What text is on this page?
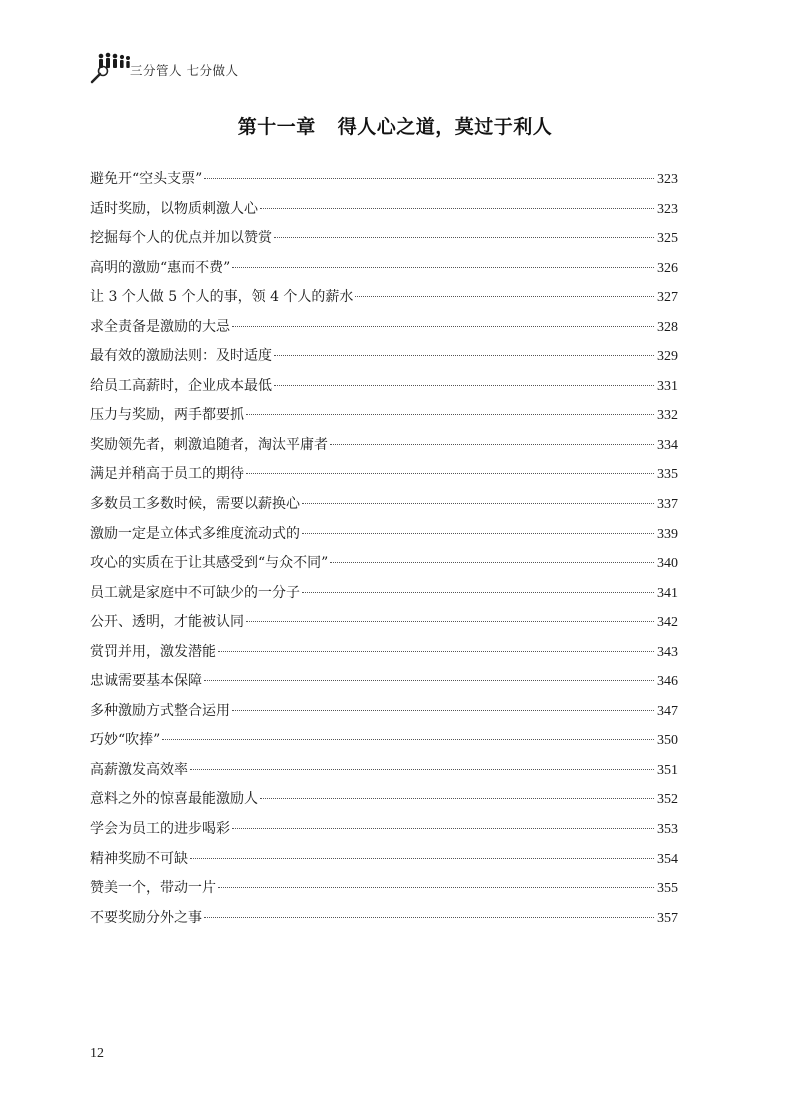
三分管人 七分做人
第十一章 得人心之道，莫过于利人
避免开“空头支票”	323
适时奖励，以物质刺激人心	323
挖掘每个人的优点并加以赞赏	325
高明的激励“惠而不费”	326
让 3 个人做 5 个人的事，领 4 个人的薪水	327
求全责备是激励的大忌	328
最有效的激励法则：及时适度	329
给员工高薪时，企业成本最低	331
压力与奖励，两手都要抓	332
奖励领先者，刺激追随者，淘汰平庸者	334
满足并稍高于员工的期待	335
多数员工多数时候，需要以薪换心	337
激励一定是立体式多维度流动式的	339
攻心的实质在于让其感受到“与众不同”	340
员工就是家庭中不可缺少的一分子	341
公开、透明，才能被认同	342
赏罚并用，激发潜能	343
忠诚需要基本保障	346
多种激励方式整合运用	347
巧妙“吹捧”	350
高薪激发高效率	351
意料之外的惊喜最能激励人	352
学会为员工的进步喝彩	353
精神奖励不可缺	354
赞美一个，带动一片	355
不要奖励分外之事	357
12
